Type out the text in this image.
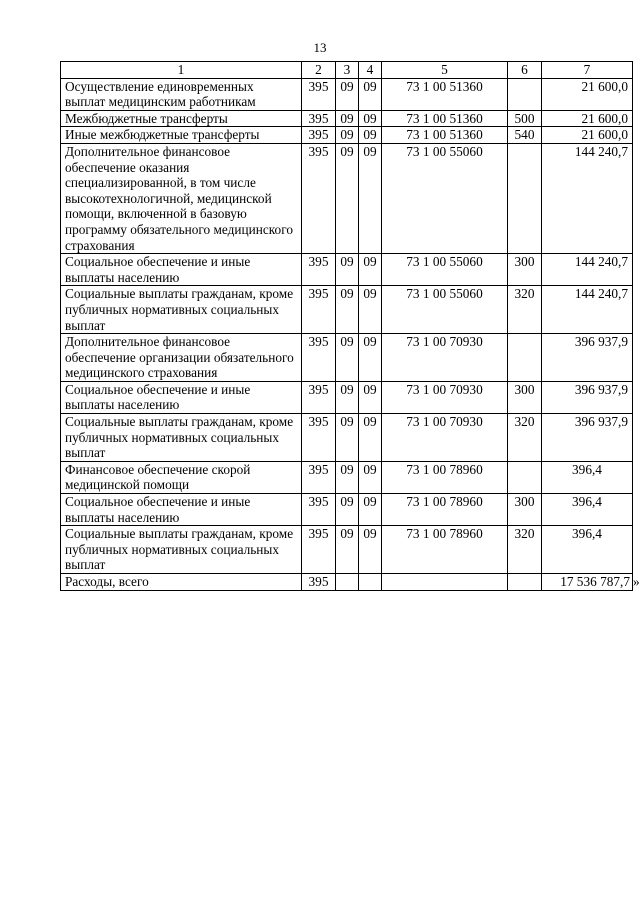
13
1	2	3	4	5	6	7
Осуществление единовременных выплат медицинским работникам	395	09	09	73 1 00 51360		21 600,0
Межбюджетные трансферты	395	09	09	73 1 00 51360	500	21 600,0
Иные межбюджетные трансферты	395	09	09	73 1 00 51360	540	21 600,0
Дополнительное финансовое обеспечение оказания специализированной, в том числе высокотехнологичной, медицинской помощи, включенной в базовую программу обязательного медицинского страхования	395	09	09	73 1 00 55060		144 240,7
Социальное обеспечение и иные выплаты населению	395	09	09	73 1 00 55060	300	144 240,7
Социальные выплаты гражданам, кроме публичных нормативных социальных выплат	395	09	09	73 1 00 55060	320	144 240,7
Дополнительное финансовое обеспечение организации обязательного медицинского страхования	395	09	09	73 1 00 70930		396 937,9
Социальное обеспечение и иные выплаты населению	395	09	09	73 1 00 70930	300	396 937,9
Социальные выплаты гражданам, кроме публичных нормативных социальных выплат	395	09	09	73 1 00 70930	320	396 937,9
Финансовое обеспечение скорой медицинской помощи	395	09	09	73 1 00 78960		396,4
Социальное обеспечение и иные выплаты населению	395	09	09	73 1 00 78960	300	396,4
Социальные выплаты гражданам, кроме публичных нормативных социальных выплат	395	09	09	73 1 00 78960	320	396,4
Расходы, всего	395					17 536 787,7 »
